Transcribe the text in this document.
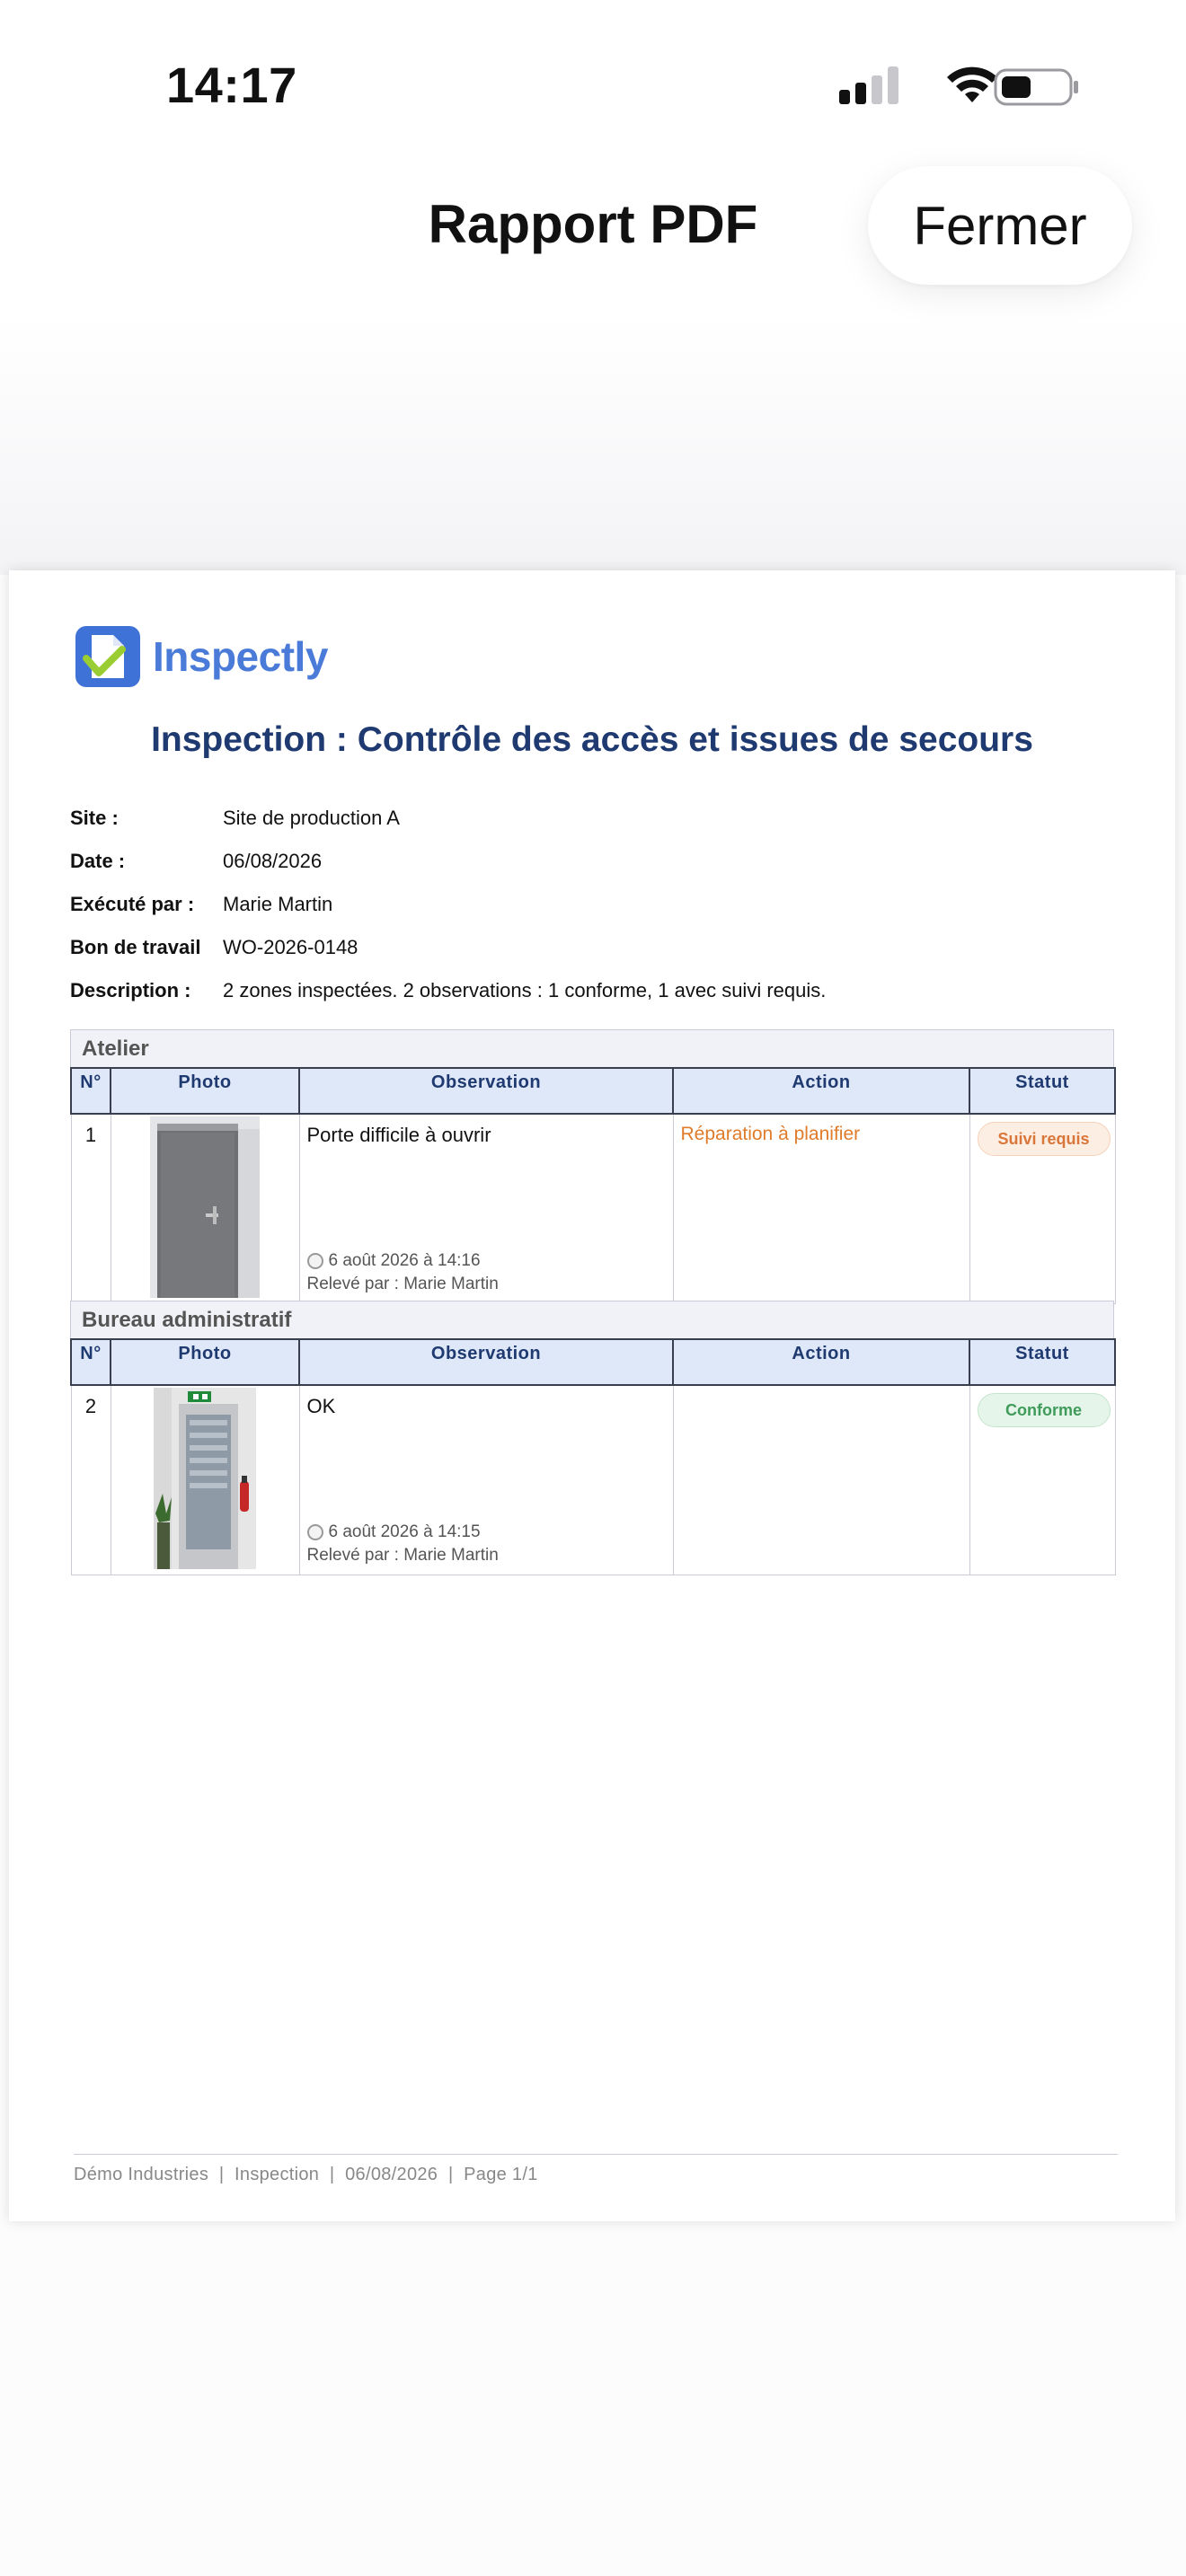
14:17
Rapport PDF	Fermer
Inspectly
Inspection : Contrôle des accès et issues de secours
Site :	Site de production A
Date :	06/08/2026
Exécuté par :	Marie Martin
Bon de travail	WO-2026-0148
Description :	2 zones inspectées. 2 observations : 1 conforme, 1 avec suivi requis.
Atelier
N°	Photo	Observation	Action	Statut
1		Porte difficile à ouvrir
6 août 2026 à 14:16
Relevé par : Marie Martin	Réparation à planifier	Suivi requis
Bureau administratif
N°	Photo	Observation	Action	Statut
2		OK
6 août 2026 à 14:15
Relevé par : Marie Martin		Conforme
Démo Industries  |  Inspection  |  06/08/2026  |  Page 1/1
